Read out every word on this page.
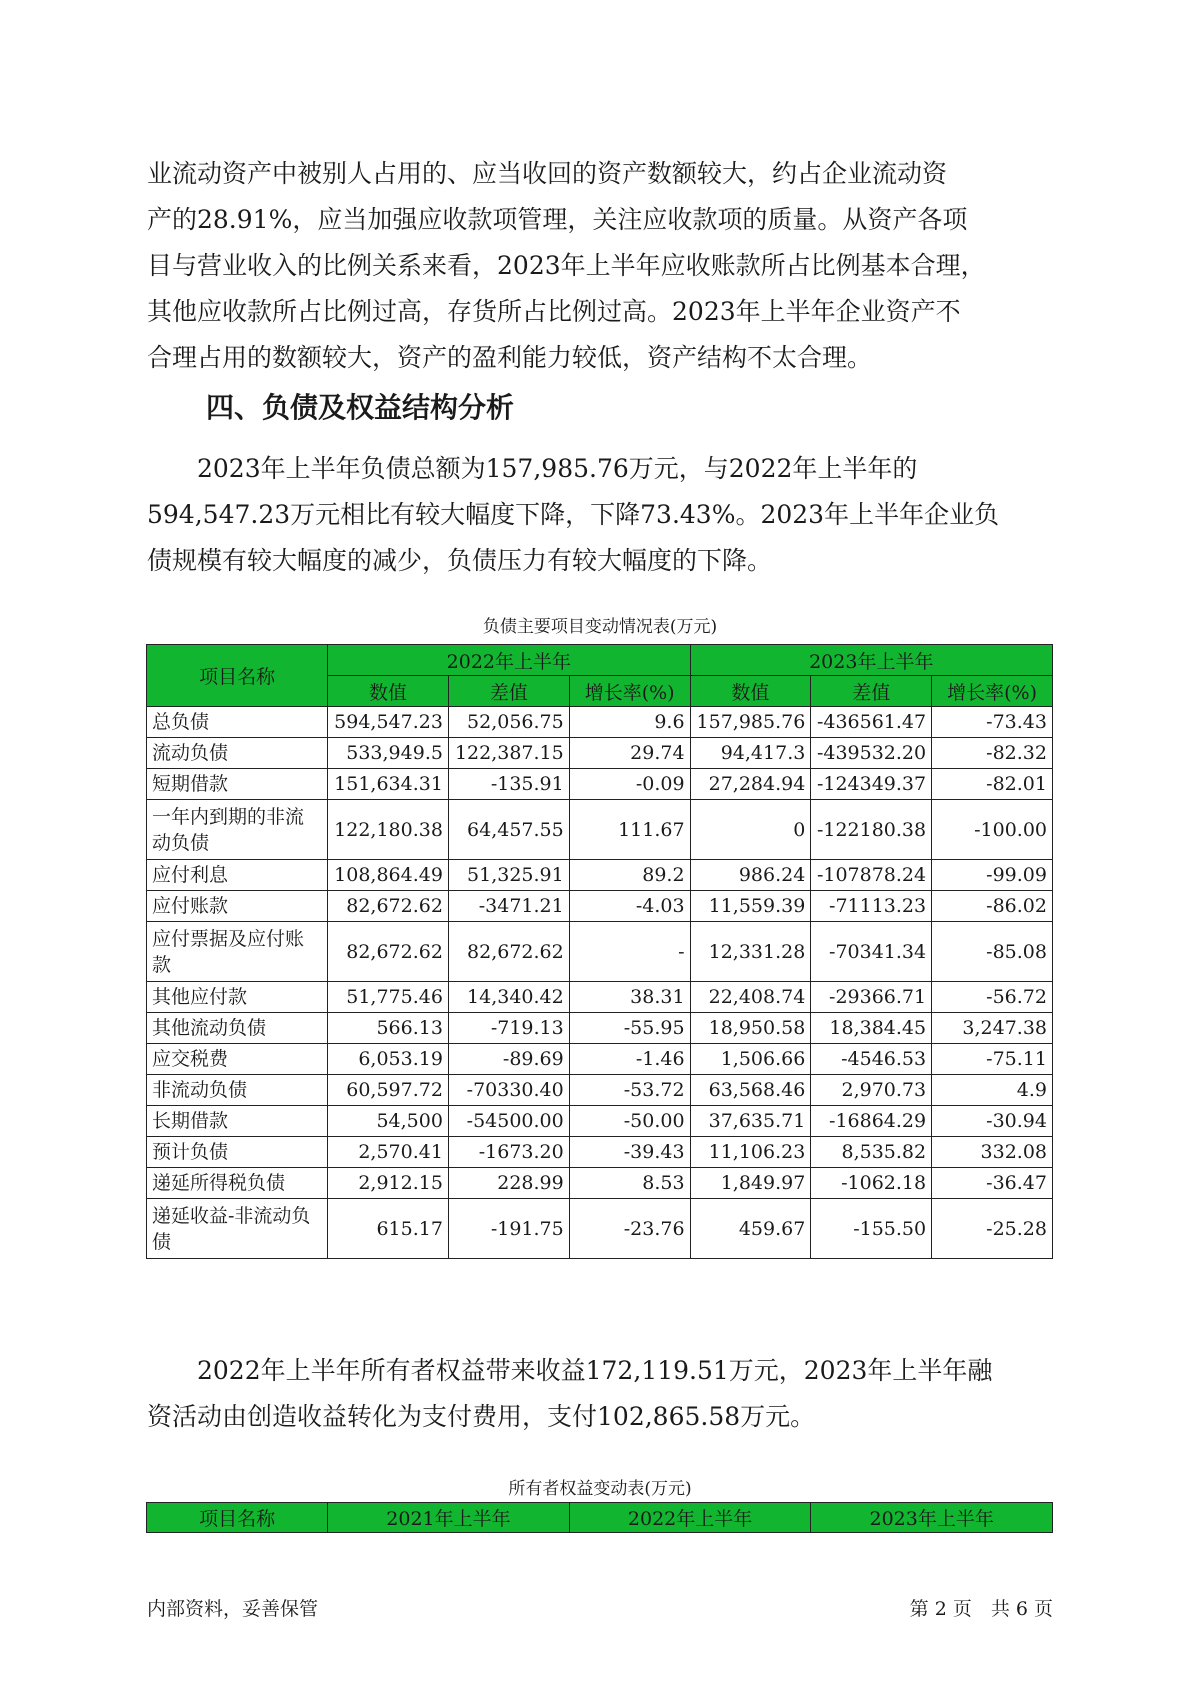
业流动资产中被别人占用的、应当收回的资产数额较大，约占企业流动资
产的28.91%，应当加强应收款项管理，关注应收款项的质量。从资产各项
目与营业收入的比例关系来看，2023年上半年应收账款所占比例基本合理，
其他应收款所占比例过高，存货所占比例过高。2023年上半年企业资产不
合理占用的数额较大，资产的盈利能力较低，资产结构不太合理。
四、负债及权益结构分析
　　2023年上半年负债总额为157,985.76万元，与2022年上半年的
594,547.23万元相比有较大幅度下降，下降73.43%。2023年上半年企业负
债规模有较大幅度的减少，负债压力有较大幅度的下降。
负债主要项目变动情况表(万元)
项目名称	2022年上半年			2023年上半年		
	数值	差值	增长率(%)	数值	差值	增长率(%)
总负债	594,547.23	52,056.75	9.6	157,985.76	-436561.47	-73.43
流动负债	533,949.5	122,387.15	29.74	94,417.3	-439532.20	-82.32
短期借款	151,634.31	-135.91	-0.09	27,284.94	-124349.37	-82.01
一年内到期的非流动负债	122,180.38	64,457.55	111.67	0	-122180.38	-100.00
应付利息	108,864.49	51,325.91	89.2	986.24	-107878.24	-99.09
应付账款	82,672.62	-3471.21	-4.03	11,559.39	-71113.23	-86.02
应付票据及应付账款	82,672.62	82,672.62	-	12,331.28	-70341.34	-85.08
其他应付款	51,775.46	14,340.42	38.31	22,408.74	-29366.71	-56.72
其他流动负债	566.13	-719.13	-55.95	18,950.58	18,384.45	3,247.38
应交税费	6,053.19	-89.69	-1.46	1,506.66	-4546.53	-75.11
非流动负债	60,597.72	-70330.40	-53.72	63,568.46	2,970.73	4.9
长期借款	54,500	-54500.00	-50.00	37,635.71	-16864.29	-30.94
预计负债	2,570.41	-1673.20	-39.43	11,106.23	8,535.82	332.08
递延所得税负债	2,912.15	228.99	8.53	1,849.97	-1062.18	-36.47
递延收益-非流动负债	615.17	-191.75	-23.76	459.67	-155.50	-25.28
　　2022年上半年所有者权益带来收益172,119.51万元，2023年上半年融
资活动由创造收益转化为支付费用，支付102,865.58万元。
所有者权益变动表(万元)
项目名称	2021年上半年	2022年上半年	2023年上半年
内部资料，妥善保管	第 2 页　共 6 页
